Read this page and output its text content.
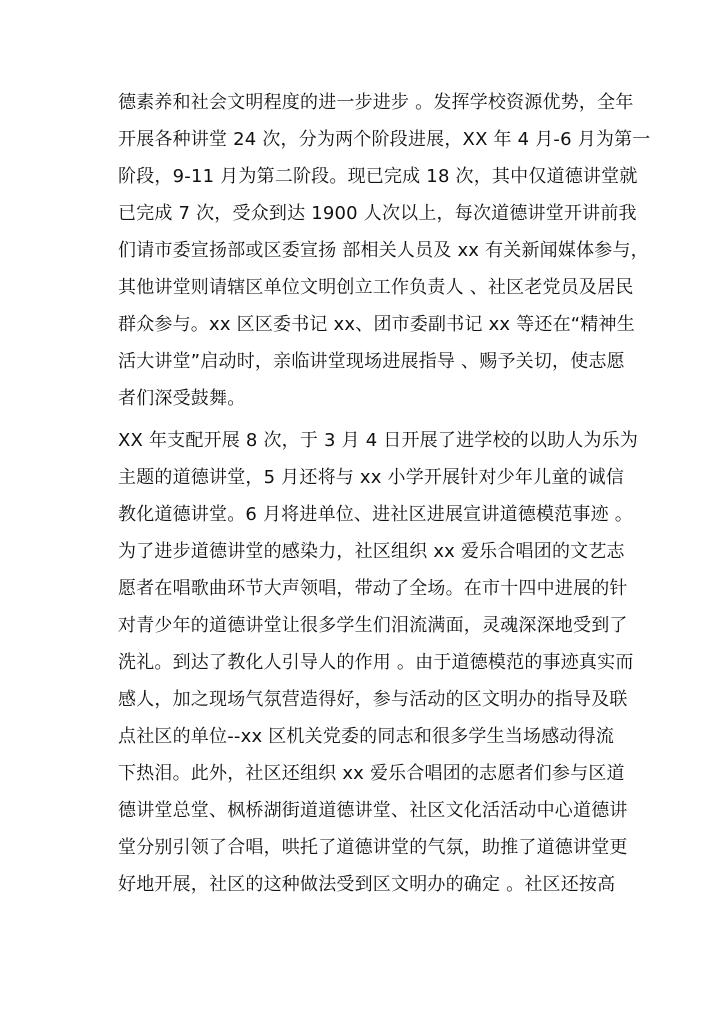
德素养和社会文明程度的进一步进步 。发挥学校资源优势，全年
开展各种讲堂 24 次，分为两个阶段进展，XX 年 4 月-6 月为第一
阶段，9-11 月为第二阶段。现已完成 18 次，其中仅道德讲堂就
已完成 7 次，受众到达 1900 人次以上，每次道德讲堂开讲前我
们请市委宣扬部或区委宣扬 部相关人员及 xx 有关新闻媒体参与，
其他讲堂则请辖区单位文明创立工作负责人 、社区老党员及居民
群众参与。xx 区区委书记 xx、团市委副书记 xx 等还在“精神生
活大讲堂”启动时，亲临讲堂现场进展指导 、赐予关切，使志愿
者们深受鼓舞。
XX 年支配开展 8 次，于 3 月 4 日开展了进学校的以助人为乐为
主题的道德讲堂，5 月还将与 xx 小学开展针对少年儿童的诚信
教化道德讲堂。6 月将进单位、进社区进展宣讲道德模范事迹 。
为了进步道德讲堂的感染力，社区组织 xx 爱乐合唱团的文艺志
愿者在唱歌曲环节大声领唱，带动了全场。在市十四中进展的针
对青少年的道德讲堂让很多学生们泪流满面，灵魂深深地受到了
洗礼。到达了教化人引导人的作用 。由于道德模范的事迹真实而
感人，加之现场气氛营造得好，参与活动的区文明办的指导及联
点社区的单位--xx 区机关党委的同志和很多学生当场感动得流
下热泪。此外，社区还组织 xx 爱乐合唱团的志愿者们参与区道
德讲堂总堂、枫桥湖街道道德讲堂、社区文化活活动中心道德讲
堂分别引领了合唱，哄托了道德讲堂的气氛，助推了道德讲堂更
好地开展，社区的这种做法受到区文明办的确定 。社区还按高
